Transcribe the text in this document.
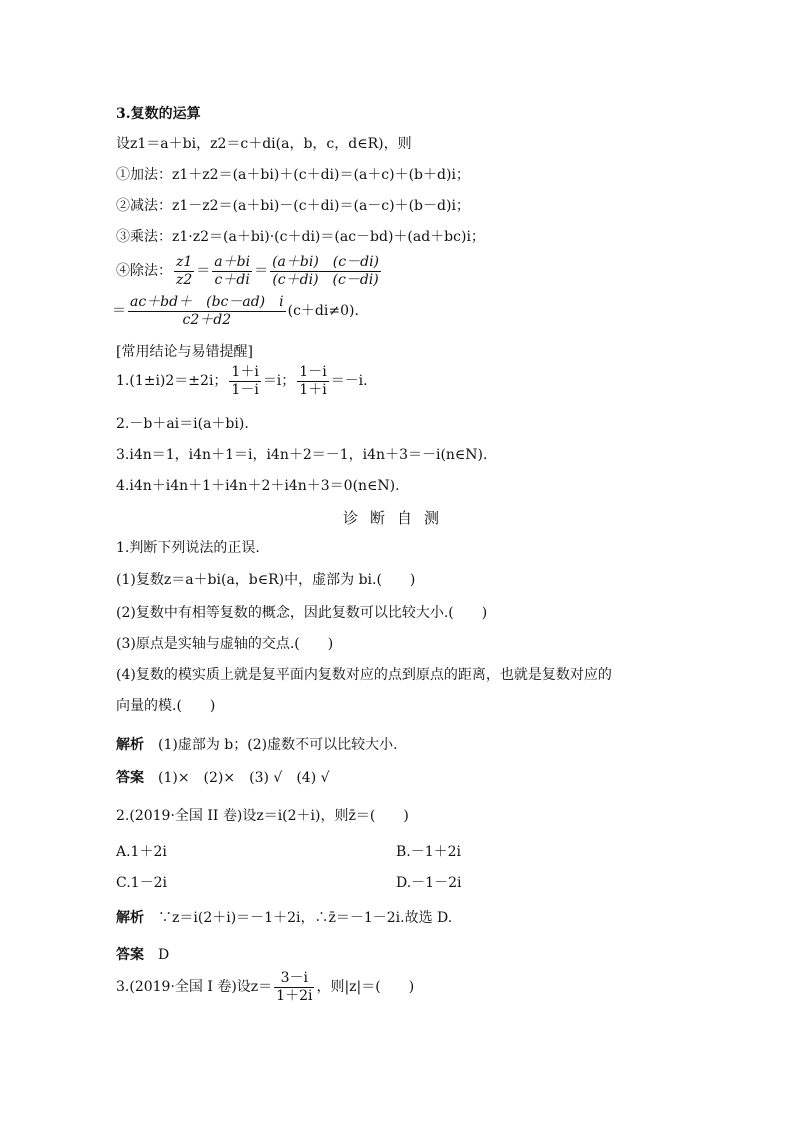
3.复数的运算
设z1＝a＋bi，z2＝c＋di(a，b，c，d∈R)，则
①加法：z1＋z2＝(a＋bi)＋(c＋di)＝(a＋c)＋(b＋d)i；
②减法：z1－z2＝(a＋bi)－(c＋di)＝(a－c)＋(b－d)i；
③乘法：z1·z2＝(a＋bi)·(c＋di)＝(ac－bd)＋(ad＋bc)i；
④除法： $\frac{z1}{z2} = \frac{a+bi}{c+di} = \frac{(a+bi) (c-di)}{(c+di) (c-di)}$
＝ $\frac{ac+bd+ (bc-ad) i}{c2+d2} (c+di\ne 0)$.
[常用结论与易错提醒]
1.(1±i)2＝±2i； $\frac{1+i}{1-i} =i$； $\frac{1-i}{1+i} =-i$.
2.－b＋ai＝i(a＋bi).
3.i4n＝1，i4n＋1＝i，i4n＋2＝－1，i4n＋3＝－i(n∈N).
4.i4n＋i4n＋1＋i4n＋2＋i4n＋3＝0(n∈N).
诊断自测
1.判断下列说法的正误.
(1)复数z＝a＋bi(a，b∈R)中，虚部为 bi.(　　)
(2)复数中有相等复数的概念，因此复数可以比较大小.(　　)
(3)原点是实轴与虚轴的交点.(　　)
(4)复数的模实质上就是复平面内复数对应的点到原点的距离，也就是复数对应的
向量的模.(　　)
解析　 (1)虚部为 b；(2)虚数不可以比较大小.
答案　 (1)×　(2)×　(3) √　(4) √
2.(2019·全国 II 卷)设z＝i(2＋i)，则z̄＝(　　)
A.1＋2i	B.－1＋2i
C.1－2i	D.－1－2i
解析　 ∵z＝i(2＋i)＝－1＋2i，∴z̄＝－1－2i.故选 D.
答案　 D
3.(2019·全国 I 卷)设$z= \frac{3-i}{1+2i}$ ，则|z|＝(　　)
